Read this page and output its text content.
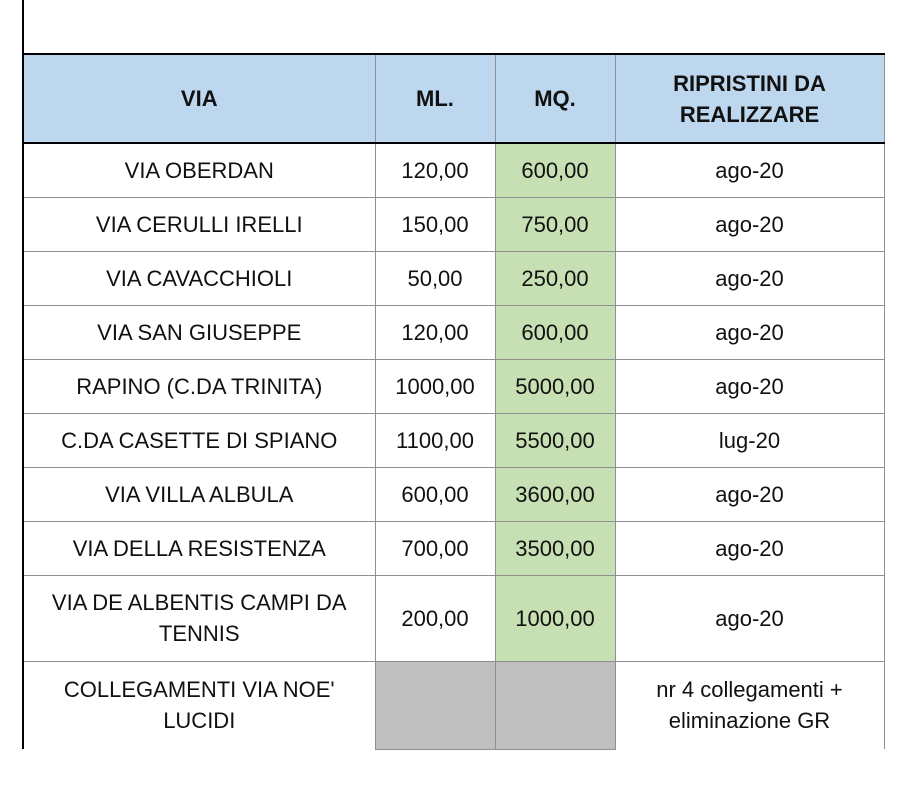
VIA	ML.	MQ.	RIPRISTINI DA
REALIZZARE
VIA OBERDAN	120,00	600,00	ago-20
VIA CERULLI IRELLI	150,00	750,00	ago-20
VIA CAVACCHIOLI	50,00	250,00	ago-20
VIA SAN GIUSEPPE	120,00	600,00	ago-20
RAPINO (C.DA TRINITA)	1000,00	5000,00	ago-20
C.DA CASETTE DI SPIANO	1100,00	5500,00	lug-20
VIA VILLA ALBULA	600,00	3600,00	ago-20
VIA DELLA RESISTENZA	700,00	3500,00	ago-20
VIA DE ALBENTIS CAMPI DA
TENNIS	200,00	1000,00	ago-20
COLLEGAMENTI VIA NOE'
LUCIDI			nr 4 collegamenti +
eliminazione GR
